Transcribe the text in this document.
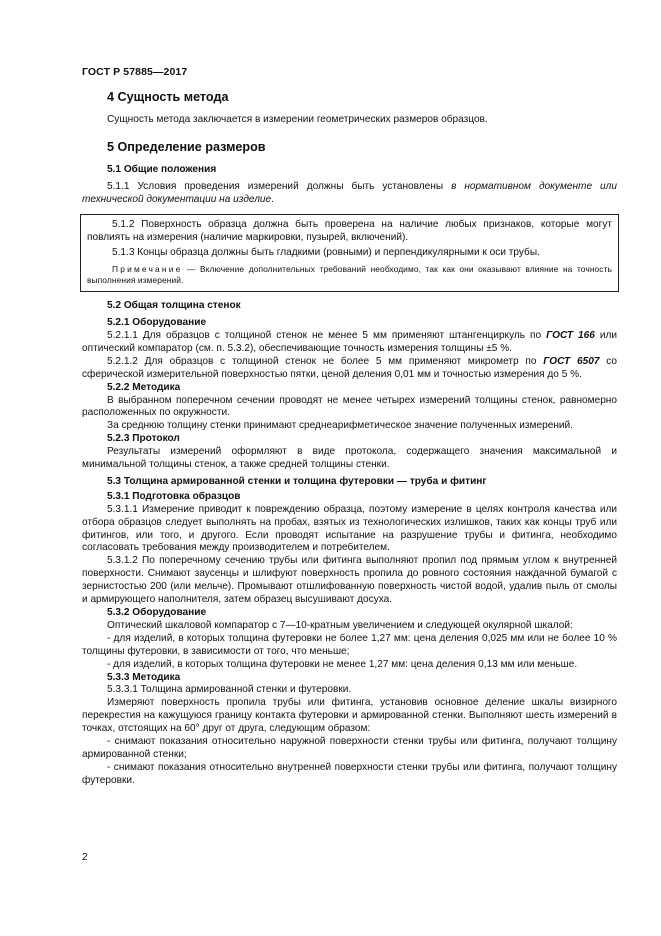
ГОСТ Р 57885—2017
4 Сущность метода

Сущность метода заключается в измерении геометрических размеров образцов.

5 Определение размеров
5.1 Общие положения

5.1.1 Условия проведения измерений должны быть установлены в нормативном документе или технической документации на изделие.

5.1.2 Поверхность образца должна быть проверена на наличие любых признаков, которые могут повлиять на измерения (наличие маркировки, пузырей, включений).

5.1.3 Концы образца должны быть гладкими (ровными) и перпендикулярными к оси трубы.

Примечание — Включение дополнительных требований необходимо, так как они оказывают влияние на точность выполнения измерений.
5.2 Общая толщина стенок
5.2.1 Оборудование

5.2.1.1 Для образцов с толщиной стенок не менее 5 мм применяют штангенциркуль по ГОСТ 166 или оптический компаратор (см. п. 5.3.2), обеспечивающие точность измерения толщины ±5 %.

5.2.1.2 Для образцов с толщиной стенок не более 5 мм применяют микрометр по ГОСТ 6507 со сферической измерительной поверхностью пятки, ценой деления 0,01 мм и точностью измерения до 5 %.

5.2.2 Методика

В выбранном поперечном сечении проводят не менее четырех измерений толщины стенок, равномерно расположенных по окружности.

За среднюю толщину стенки принимают среднеарифметическое значение полученных измерений.

5.2.3 Протокол

Результаты измерений оформляют в виде протокола, содержащего значения максимальной и минимальной толщины стенок, а также средней толщины стенки.

5.3 Толщина армированной стенки и толщина футеровки — труба и фитинг
5.3.1 Подготовка образцов

5.3.1.1 Измерение приводит к повреждению образца, поэтому измерение в целях контроля качества или отбора образцов следует выполнять на пробах, взятых из технологических излишков, таких как концы труб или фитингов, или того, и другого. Если проводят испытание на разрушение трубы и фитинга, необходимо согласовать требования между производителем и потребителем.

5.3.1.2 По поперечному сечению трубы или фитинга выполняют пропил под прямым углом к внутренней поверхности. Снимают заусенцы и шлифуют поверхность пропила до ровного состояния наждачной бумагой с зернистостью 200 (или мельче). Промывают отшлифованную поверхность чистой водой, удалив пыль от смолы и армирующего наполнителя, затем образец высушивают досуха.

5.3.2 Оборудование

Оптический шкаловой компаратор с 7—10-кратным увеличением и следующей окулярной шкалой:

- для изделий, в которых толщина футеровки не более 1,27 мм: цена деления 0,025 мм или не более 10 % толщины футеровки, в зависимости от того, что меньше;

- для изделий, в которых толщина футеровки не менее 1,27 мм: цена деления 0,13 мм или меньше.

5.3.3 Методика

5.3.3.1 Толщина армированной стенки и футеровки.

Измеряют поверхность пропила трубы или фитинга, установив основное деление шкалы визирного перекрестия на кажущуюся границу контакта футеровки и армированной стенки. Выполняют шесть измерений в точках, отстоящих на 60° друг от друга, следующим образом:

- снимают показания относительно наружной поверхности стенки трубы или фитинга, получают толщину армированной стенки;

- снимают показания относительно внутренней поверхности стенки трубы или фитинга, получают толщину футеровки.

2
